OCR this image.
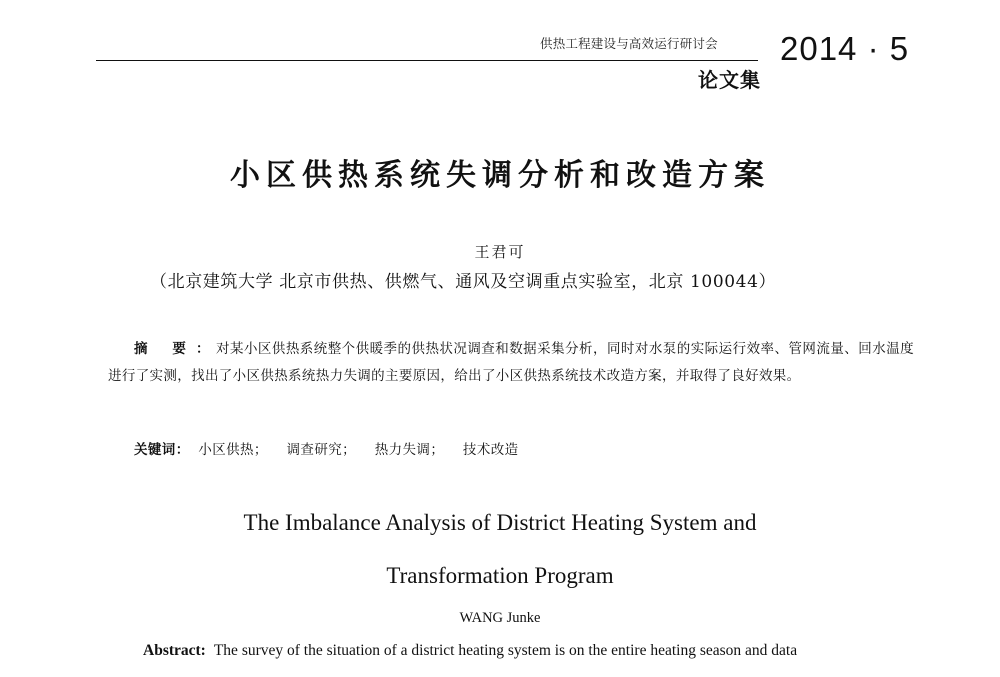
供热工程建设与高效运行研讨会 2014 · 5
论文集
小区供热系统失调分析和改造方案
王君可
（北京建筑大学 北京市供热、供燃气、通风及空调重点实验室，北京 100044）
摘 要： 对某小区供热系统整个供暖季的供热状况调查和数据采集分析，同时对水泵的实际运行效率、管网流量、回水温度进行了实测，找出了小区供热系统热力失调的主要原因，给出了小区供热系统技术改造方案，并取得了良好效果。
关键词： 小区供热； 调查研究； 热力失调； 技术改造
The Imbalance Analysis of District Heating System and
Transformation Program
WANG Junke
Abstract: The survey of the situation of a district heating system is on the entire heating season and data
